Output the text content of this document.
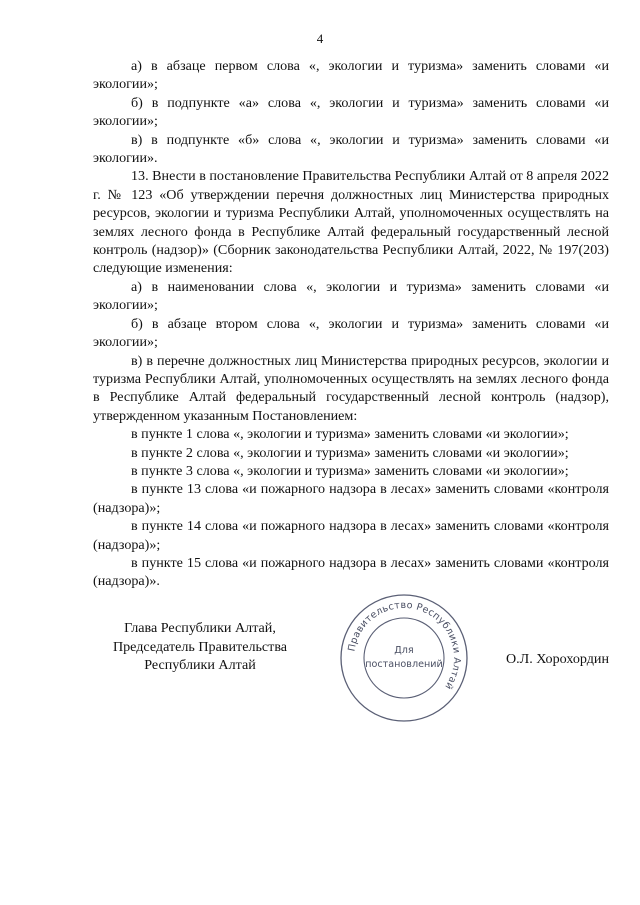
4

а) в абзаце первом слова «, экологии и туризма» заменить словами «и экологии»;

б) в подпункте «а» слова «, экологии и туризма» заменить словами «и экологии»;

в) в подпункте «б» слова «, экологии и туризма» заменить словами «и экологии».

13. Внести в постановление Правительства Республики Алтай от 8 апреля 2022 г. № 123 «Об утверждении перечня должностных лиц Министерства природных ресурсов, экологии и туризма Республики Алтай, уполномоченных осуществлять на землях лесного фонда в Республике Алтай федеральный государственный лесной контроль (надзор)» (Сборник законодательства Республики Алтай, 2022, № 197(203) следующие изменения:

а) в наименовании слова «, экологии и туризма» заменить словами «и экологии»;

б) в абзаце втором слова «, экологии и туризма» заменить словами «и экологии»;

в) в перечне должностных лиц Министерства природных ресурсов, экологии и туризма Республики Алтай, уполномоченных осуществлять на землях лесного фонда в Республике Алтай федеральный государственный лесной контроль (надзор), утвержденном указанным Постановлением:

в пункте 1 слова «, экологии и туризма» заменить словами «и экологии»;

в пункте 2 слова «, экологии и туризма» заменить словами «и экологии»;

в пункте 3 слова «, экологии и туризма» заменить словами «и экологии»;

в пункте 13 слова «и пожарного надзора в лесах» заменить словами «контроля (надзора)»;

в пункте 14 слова «и пожарного надзора в лесах» заменить словами «контроля (надзора)»;

в пункте 15 слова «и пожарного надзора в лесах» заменить словами «контроля (надзора)».

Глава Республики Алтай,
Председатель Правительства
Республики Алтай	О.Л. Хорохордин
Правительство Республики Алтай
Для
постановлений
